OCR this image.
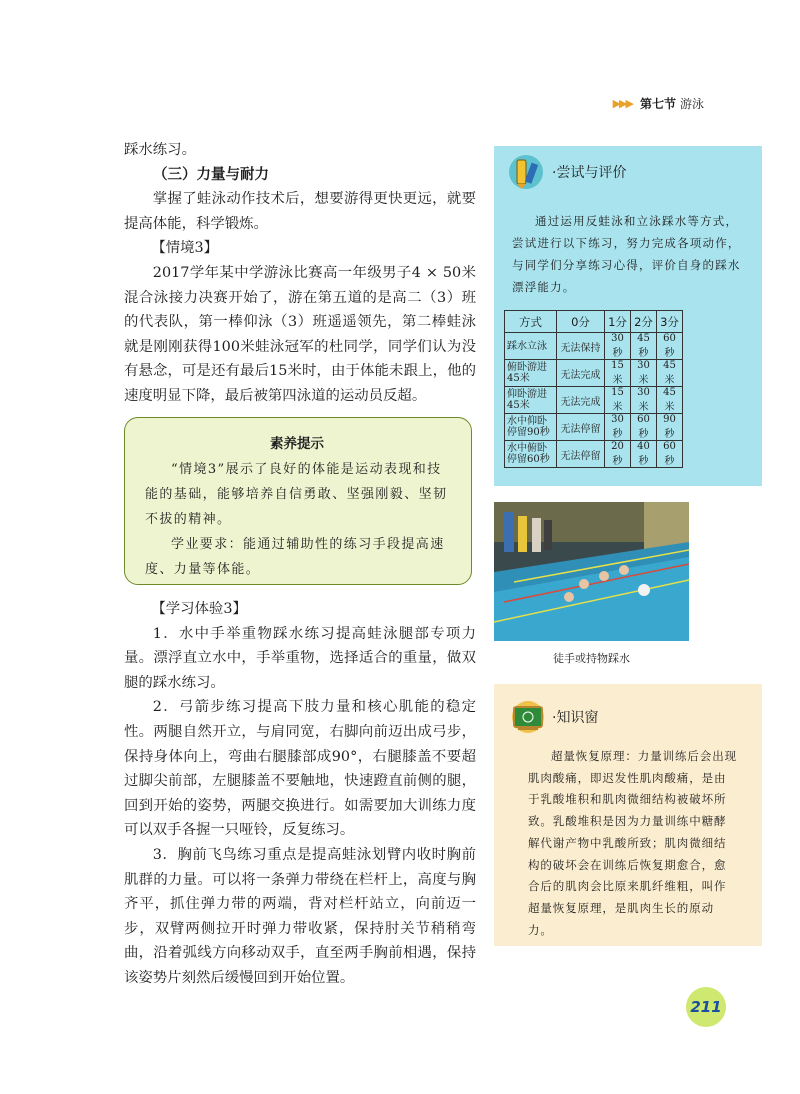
▶▶▶ 第七节 游泳

踩水练习。

（三）力量与耐力

掌握了蛙泳动作技术后，想要游得更快更远，就要提高体能，科学锻炼。

【情境3】

2017学年某中学游泳比赛高一年级男子4 × 50米混合泳接力决赛开始了，游在第五道的是高二（3）班的代表队，第一棒仰泳（3）班遥遥领先，第二棒蛙泳就是刚刚获得100米蛙泳冠军的杜同学，同学们认为没有悬念，可是还有最后15米时，由于体能未跟上，他的速度明显下降，最后被第四泳道的运动员反超。

素养提示

“情境3”展示了良好的体能是运动表现和技能的基础，能够培养自信勇敢、坚强刚毅、坚韧不拔的精神。

学业要求：能通过辅助性的练习手段提高速度、力量等体能。

【学习体验3】

1．水中手举重物踩水练习提高蛙泳腿部专项力量。漂浮直立水中，手举重物，选择适合的重量，做双腿的踩水练习。

2．弓箭步练习提高下肢力量和核心肌能的稳定性。两腿自然开立，与肩同宽，右脚向前迈出成弓步，保持身体向上，弯曲右腿膝部成90°，右腿膝盖不要超过脚尖前部，左腿膝盖不要触地，快速蹬直前侧的腿，回到开始的姿势，两腿交换进行。如需要加大训练力度可以双手各握一只哑铃，反复练习。

3．胸前飞鸟练习重点是提高蛙泳划臂内收时胸前肌群的力量。可以将一条弹力带绕在栏杆上，高度与胸齐平，抓住弹力带的两端，背对栏杆站立，向前迈一步，双臂两侧拉开时弹力带收紧，保持肘关节稍稍弯曲，沿着弧线方向移动双手，直至两手胸前相遇，保持该姿势片刻然后缓慢回到开始位置。

·尝试与评价

通过运用反蛙泳和立泳踩水等方式，尝试进行以下练习，努力完成各项动作，与同学们分享练习心得，评价自身的踩水漂浮能力。

方式	0分	1分	2分	3分
踩水立泳	无法保持	30秒	45秒	60秒
俯卧游进45米	无法完成	15米	30米	45米
仰卧游进45米	无法完成	15米	30米	45米
水中仰卧停留90秒	无法停留	30秒	60秒	90秒
水中俯卧停留60秒	无法停留	20秒	40秒	60秒
徒手或持物踩水
·知识窗

超量恢复原理：力量训练后会出现肌肉酸痛，即迟发性肌肉酸痛，是由于乳酸堆积和肌肉微细结构被破坏所致。乳酸堆积是因为力量训练中糖酵解代谢产物中乳酸所致；肌肉微细结构的破坏会在训练后恢复期愈合，愈合后的肌肉会比原来肌纤维粗，叫作超量恢复原理，是肌肉生长的原动力。

211
